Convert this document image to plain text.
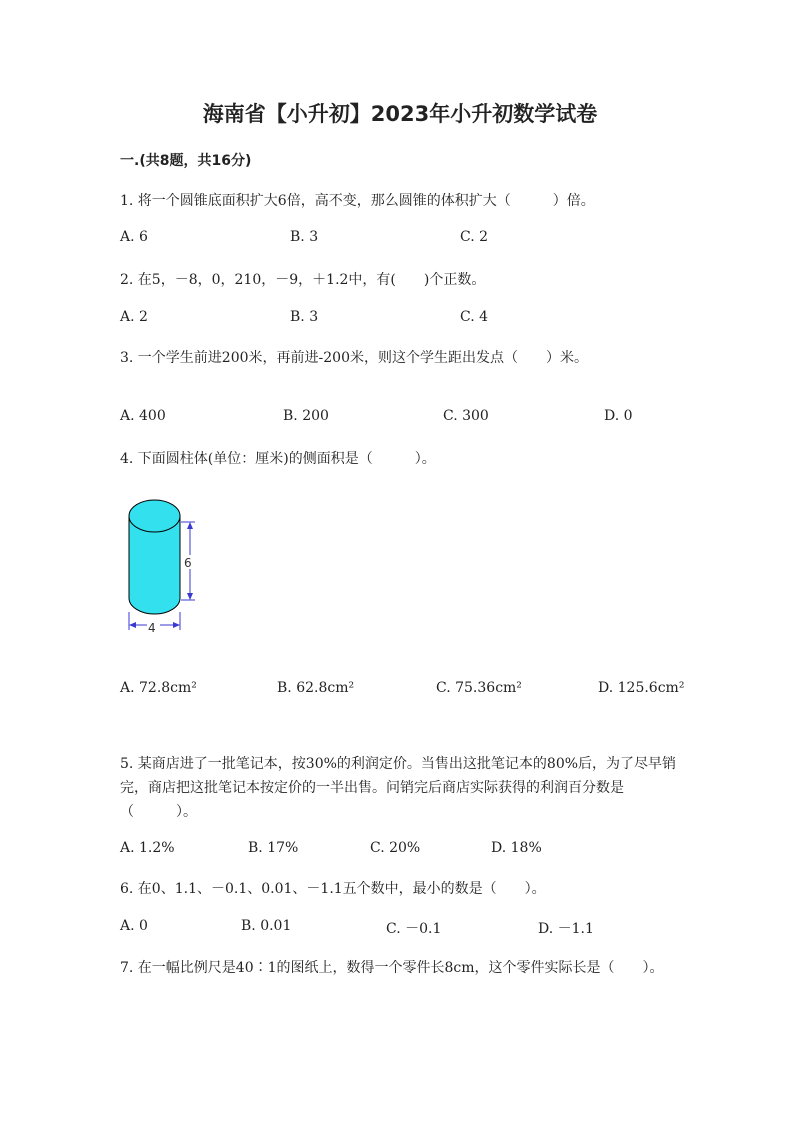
海南省【小升初】2023年小升初数学试卷
一.(共8题，共16分)
1. 将一个圆锥底面积扩大6倍，高不变，那么圆锥的体积扩大（　　　）倍。
A. 6	B. 3	C. 2
2. 在5，－8，0，210，－9，＋1.2中，有(　　)个正数。
A. 2	B. 3	C. 4
3. 一个学生前进200米，再前进-200米，则这个学生距出发点（　　）米。
A. 400	B. 200	C. 300	D. 0
4. 下面圆柱体(单位：厘米)的侧面积是（　　　）。
6
4
A. 72.8cm²	B. 62.8cm²	C. 75.36cm²	D. 125.6cm²
5. 某商店进了一批笔记本，按30%的利润定价。当售出这批笔记本的80%后，为了尽早销完，商店把这批笔记本按定价的一半出售。问销完后商店实际获得的利润百分数是（　　　）。
A. 1.2%	B. 17%	C. 20%	D. 18%
6. 在0、1.1、－0.1、0.01、－1.1五个数中，最小的数是（　　）。
A. 0	B. 0.01	C. －0.1	D. －1.1
7. 在一幅比例尺是40∶1的图纸上，数得一个零件长8cm，这个零件实际长是（　　）。
